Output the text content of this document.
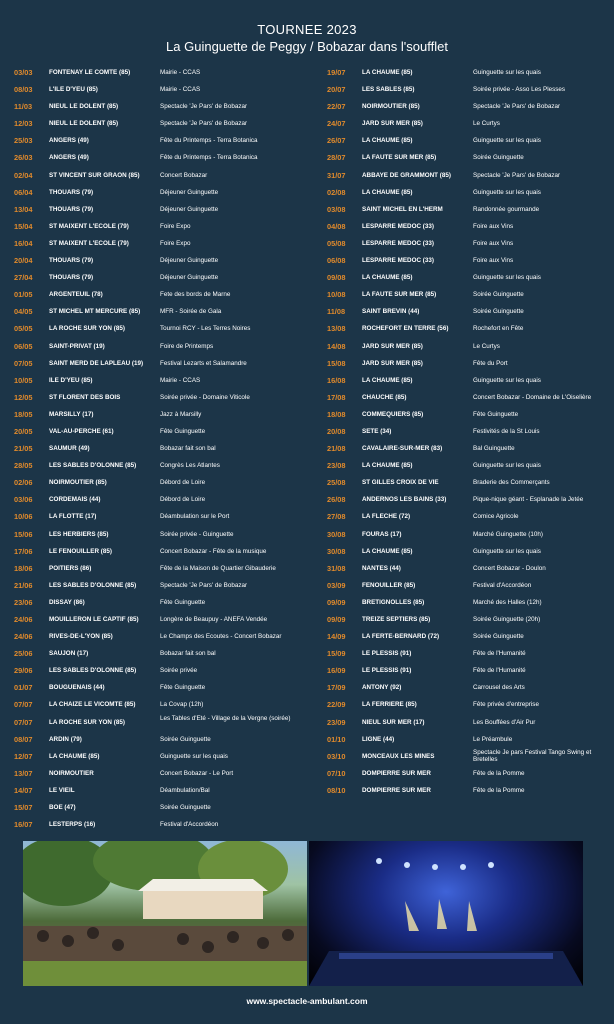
TOURNEE 2023
La Guinguette de Peggy / Bobazar dans l'soufflet
03/03	FONTENAY LE COMTE (85)	Mairie - CCAS
08/03	L'ILE D'YEU (85)	Mairie - CCAS
11/03	NIEUL LE DOLENT (85)	Spectacle 'Je Pars' de Bobazar
12/03	NIEUL LE DOLENT (85)	Spectacle 'Je Pars' de Bobazar
25/03	ANGERS (49)	Fête du Printemps - Terra Botanica
26/03	ANGERS (49)	Fête du Printemps - Terra Botanica
02/04	ST VINCENT SUR GRAON (85)	Concert Bobazar
06/04	THOUARS (79)	Déjeuner Guinguette
13/04	THOUARS (79)	Déjeuner Guinguette
15/04	ST MAIXENT L'ECOLE (79)	Foire Expo
16/04	ST MAIXENT L'ECOLE (79)	Foire Expo
20/04	THOUARS (79)	Déjeuner Guinguette
27/04	THOUARS (79)	Déjeuner Guinguette
01/05	ARGENTEUIL (78)	Fete des bords de Marne
04/05	ST MICHEL MT MERCURE (85)	MFR - Soirée de Gala
05/05	LA ROCHE SUR YON (85)	Tournoi RCY - Les Terres Noires
06/05	SAINT-PRIVAT (19)	Foire de Printemps
07/05	SAINT MERD DE LAPLEAU (19)	Festival Lezarts et Salamandre
10/05	ILE D'YEU (85)	Mairie - CCAS
12/05	ST FLORENT DES BOIS	Soirée privée - Domaine Viticole
18/05	MARSILLY (17)	Jazz à Marsilly
20/05	VAL-AU-PERCHE (61)	Fête Guinguette
21/05	SAUMUR (49)	Bobazar fait son bal
28/05	LES SABLES D'OLONNE (85)	Congrès Les Atlantes
02/06	NOIRMOUTIER (85)	Débord de Loire
03/06	CORDEMAIS (44)	Débord de Loire
10/06	LA FLOTTE (17)	Déambulation sur le Port
15/06	LES HERBIERS (85)	Soirée privée - Guinguette
17/06	LE FENOUILLER (85)	Concert Bobazar - Fête de la musique
18/06	POITIERS (86)	Fête de la Maison de Quartier Gibauderie
21/06	LES SABLES D'OLONNE (85)	Spectacle 'Je Pars' de Bobazar
23/06	DISSAY (86)	Fête Guinguette
24/06	MOUILLERON LE CAPTIF (85)	Longère de Beaupuy - ANEFA Vendée
24/06	RIVES-DE-L'YON (85)	Le Champs des Ecoutes - Concert Bobazar
25/06	SAUJON (17)	Bobazar fait son bal
29/06	LES SABLES D'OLONNE (85)	Soirée privée
01/07	BOUGUENAIS (44)	Fête Guinguette
07/07	LA CHAIZE LE VICOMTE (85)	La Covap (12h)
07/07	LA ROCHE SUR YON (85)
Les Tables d'Eté - Village de la Vergne (soirée)
08/07	ARDIN (79)	Soirée Guinguette
12/07	LA CHAUME (85)	Guinguette sur les quais
13/07	NOIRMOUTIER	Concert Bobazar - Le Port
14/07	LE VIEIL	Déambulation/Bal
15/07	BOE (47)	Soirée Guinguette
16/07	LESTERPS (16)	Festival d'Accordéon
19/07	LA CHAUME (85)	Guinguette sur les quais
20/07	LES SABLES (85)	Soirée privée - Asso Les Plesses
22/07	NOIRMOUTIER (85)	Spectacle 'Je Pars' de Bobazar
24/07	JARD SUR MER (85)	Le Curtys
26/07	LA CHAUME (85)	Guinguette sur les quais
28/07	LA FAUTE SUR MER (85)	Soirée Guinguette
31/07	ABBAYE DE GRAMMONT (85)	Spectacle 'Je Pars' de Bobazar
02/08	LA CHAUME (85)	Guinguette sur les quais
03/08	SAINT MICHEL EN L'HERM	Randonnée gourmande
04/08	LESPARRE MEDOC (33)	Foire aux Vins
05/08	LESPARRE MEDOC (33)	Foire aux Vins
06/08	LESPARRE MEDOC (33)	Foire aux Vins
09/08	LA CHAUME (85)	Guinguette sur les quais
10/08	LA FAUTE SUR MER (85)	Soirée Guinguette
11/08	SAINT BREVIN (44)	Soirée Guinguette
13/08	ROCHEFORT EN TERRE (56)	Rochefort en Fête
14/08	JARD SUR MER (85)	Le Curtys
15/08	JARD SUR MER (85)	Fête du Port
16/08	LA CHAUME (85)	Guinguette sur les quais
17/08	CHAUCHE (85)	Concert Bobazar - Domaine de L'Oiselière
18/08	COMMEQUIERS (85)	Fête Guinguette
20/08	SETE (34)	Festivités de la St Louis
21/08	CAVALAIRE-SUR-MER (83)	Bal Guinguette
23/08	LA CHAUME (85)	Guinguette sur les quais
25/08	ST GILLES CROIX DE VIE	Braderie des Commerçants
26/08	ANDERNOS LES BAINS (33)	Pique-nique géant - Esplanade la Jetée
27/08	LA FLECHE (72)	Comice Agricole
30/08	FOURAS (17)	Marché Guinguette (10h)
30/08	LA CHAUME (85)	Guinguette sur les quais
31/08	NANTES (44)	Concert Bobazar - Doulon
03/09	FENOUILLER (85)	Festival d'Accordéon
09/09	BRETIGNOLLES (85)	Marché des Halles (12h)
09/09	TREIZE SEPTIERS (85)	Soirée Guinguette (20h)
14/09	LA FERTE-BERNARD (72)	Soirée Guinguette
15/09	LE PLESSIS (91)	Fête de l'Humanité
16/09	LE PLESSIS (91)	Fête de l'Humanité
17/09	ANTONY (92)	Carrousel des Arts
22/09	LA FERRIERE (85)	Fête privée d'entreprise
23/09	NIEUL SUR MER (17)	Les Bouffées d'Air Pur
01/10	LIGNE (44)	Le Préambule
03/10	MONCEAUX LES MINES
Spectacle Je pars Festival Tango Swing et Bretelles
07/10	DOMPIERRE SUR MER	Fête de la Pomme
08/10	DOMPIERRE SUR MER	Fête de la Pomme
www.spectacle-ambulant.com
